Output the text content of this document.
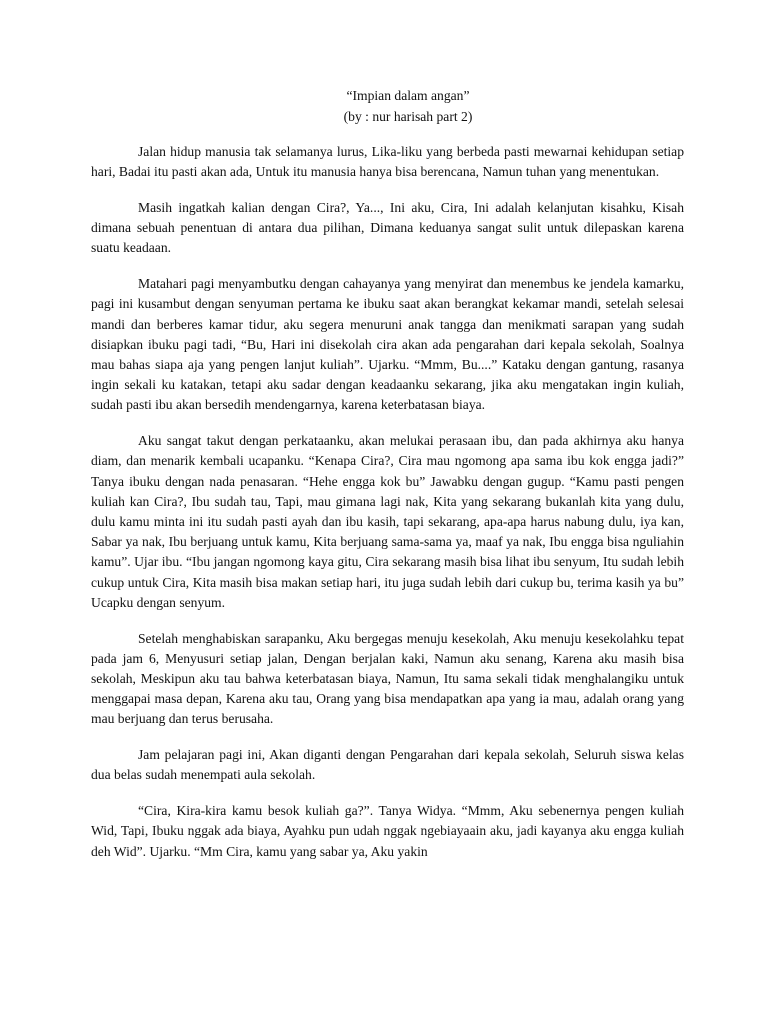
“Impian dalam angan”
(by : nur harisah part 2)

Jalan hidup manusia tak selamanya lurus, Lika-liku yang berbeda pasti mewarnai kehidupan setiap hari, Badai itu pasti akan ada, Untuk itu manusia hanya bisa berencana, Namun tuhan yang menentukan.

Masih ingatkah kalian dengan Cira?, Ya..., Ini aku, Cira, Ini adalah kelanjutan kisahku, Kisah dimana sebuah penentuan di antara dua pilihan, Dimana keduanya sangat sulit untuk dilepaskan karena suatu keadaan.

Matahari pagi menyambutku dengan cahayanya yang menyirat dan menembus ke jendela kamarku, pagi ini kusambut dengan senyuman pertama ke ibuku saat akan berangkat kekamar mandi, setelah selesai mandi dan berberes kamar tidur, aku segera menuruni anak tangga dan menikmati sarapan yang sudah disiapkan ibuku pagi tadi, “Bu, Hari ini disekolah cira akan ada pengarahan dari kepala sekolah, Soalnya mau bahas siapa aja yang pengen lanjut kuliah”. Ujarku. “Mmm, Bu....” Kataku dengan gantung, rasanya ingin sekali ku katakan, tetapi aku sadar dengan keadaanku sekarang, jika aku mengatakan ingin kuliah, sudah pasti ibu akan bersedih mendengarnya, karena keterbatasan biaya.

Aku sangat takut dengan perkataanku, akan melukai perasaan ibu, dan pada akhirnya aku hanya diam, dan menarik kembali ucapanku. “Kenapa Cira?, Cira mau ngomong apa sama ibu kok engga jadi?” Tanya ibuku dengan nada penasaran. “Hehe engga kok bu” Jawabku dengan gugup. “Kamu pasti pengen kuliah kan Cira?, Ibu sudah tau, Tapi, mau gimana lagi nak, Kita yang sekarang bukanlah kita yang dulu, dulu kamu minta ini itu sudah pasti ayah dan ibu kasih, tapi sekarang, apa-apa harus nabung dulu, iya kan, Sabar ya nak, Ibu berjuang untuk kamu, Kita berjuang sama-sama ya, maaf ya nak, Ibu engga bisa nguliahin kamu”. Ujar ibu. “Ibu jangan ngomong kaya gitu, Cira sekarang masih bisa lihat ibu senyum, Itu sudah lebih cukup untuk Cira, Kita masih bisa makan setiap hari, itu juga sudah lebih dari cukup bu, terima kasih ya bu” Ucapku dengan senyum.

Setelah menghabiskan sarapanku, Aku bergegas menuju kesekolah, Aku menuju kesekolahku tepat pada jam 6, Menyusuri setiap jalan, Dengan berjalan kaki, Namun aku senang, Karena aku masih bisa sekolah, Meskipun aku tau bahwa keterbatasan biaya, Namun, Itu sama sekali tidak menghalangiku untuk menggapai masa depan, Karena aku tau, Orang yang bisa mendapatkan apa yang ia mau, adalah orang yang mau berjuang dan terus berusaha.

Jam pelajaran pagi ini, Akan diganti dengan Pengarahan dari kepala sekolah, Seluruh siswa kelas dua belas sudah menempati aula sekolah.

“Cira, Kira-kira kamu besok kuliah ga?”. Tanya Widya. “Mmm, Aku sebenernya pengen kuliah Wid, Tapi, Ibuku nggak ada biaya, Ayahku pun udah nggak ngebiayaain aku, jadi kayanya aku engga kuliah deh Wid”. Ujarku. “Mm Cira, kamu yang sabar ya, Aku yakin
